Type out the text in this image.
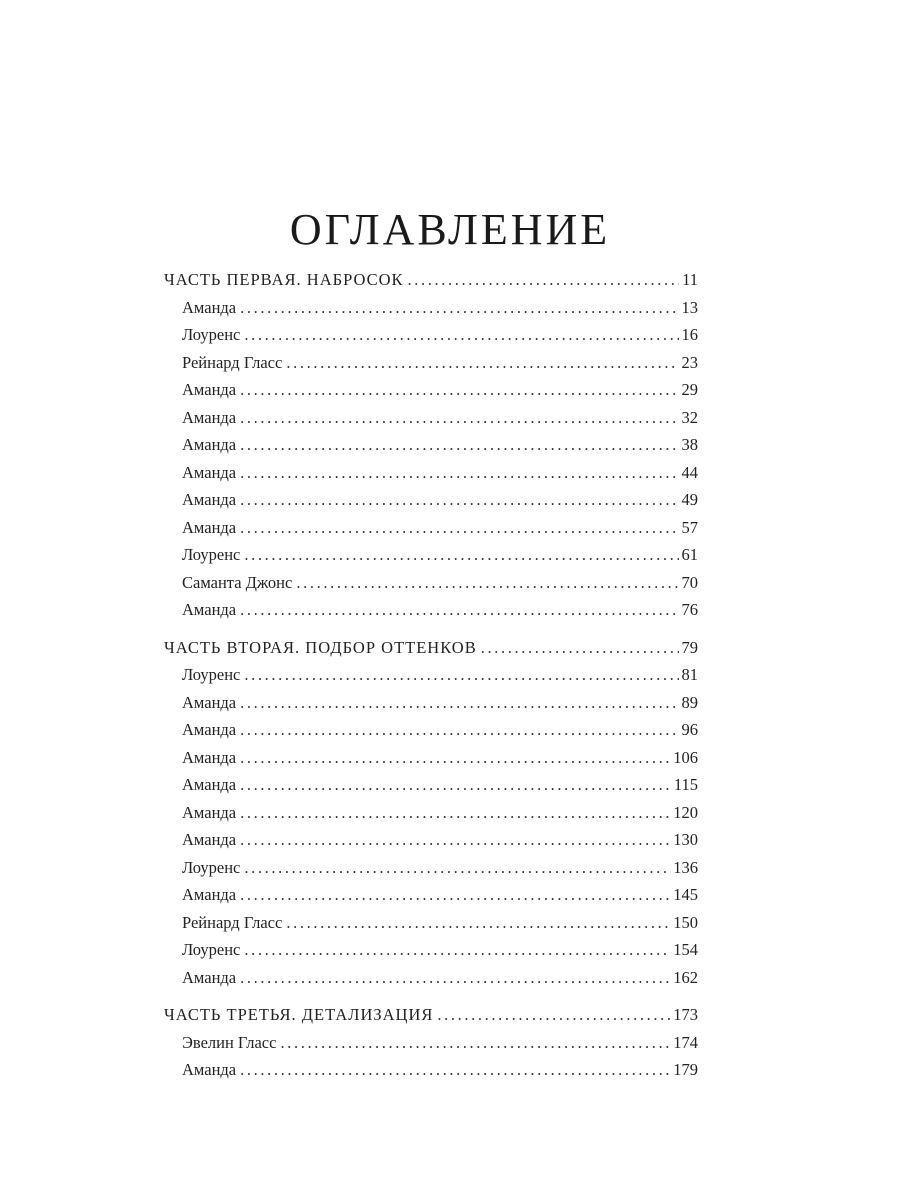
ОГЛАВЛЕНИЕ
ЧАСТЬ ПЕРВАЯ. НАБРОСОК . . .	11
Аманда . . .	13
Лоуренс . . .	16
Рейнард Гласс . . .	23
Аманда . . .	29
Аманда . . .	32
Аманда . . .	38
Аманда . . .	44
Аманда . . .	49
Аманда . . .	57
Лоуренс . . .	61
Саманта Джонс . . .	70
Аманда . . .	76
ЧАСТЬ ВТОРАЯ. ПОДБОР ОТТЕНКОВ . . .	79
Лоуренс . . .	81
Аманда . . .	89
Аманда . . .	96
Аманда . . .	106
Аманда . . .	115
Аманда . . .	120
Аманда . . .	130
Лоуренс . . .	136
Аманда . . .	145
Рейнард Гласс . . .	150
Лоуренс . . .	154
Аманда . . .	162
ЧАСТЬ ТРЕТЬЯ. ДЕТАЛИЗАЦИЯ . . .	173
Эвелин Гласс . . .	174
Аманда . . .	179
